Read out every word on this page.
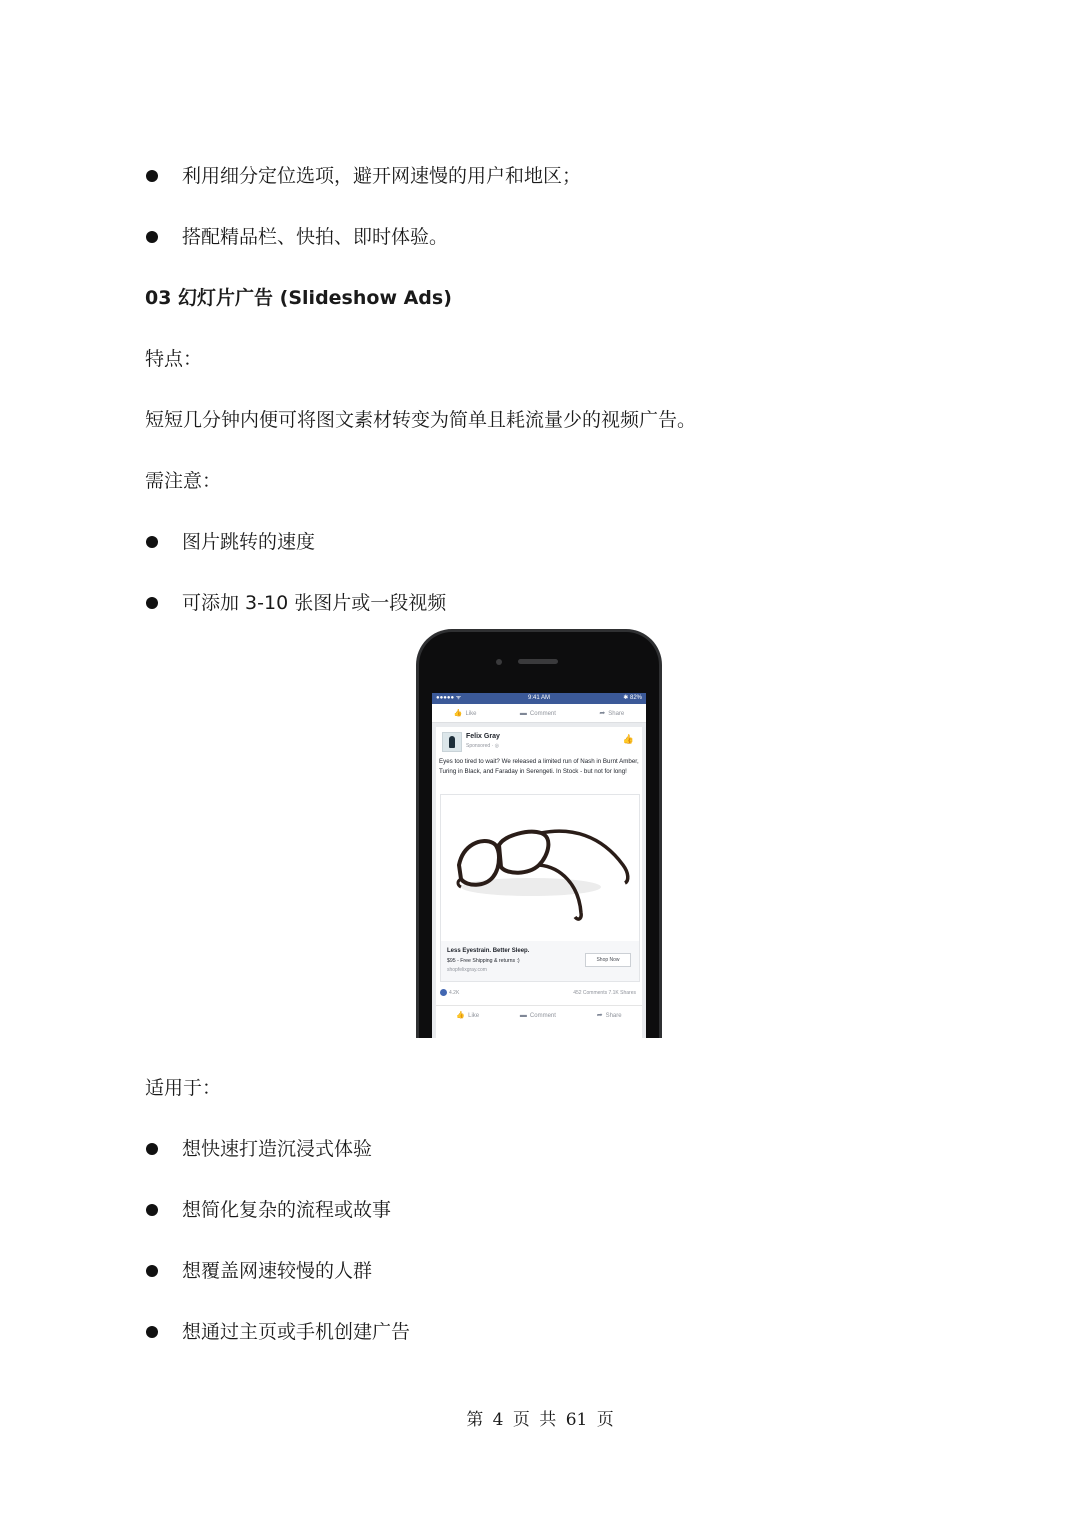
利用细分定位选项，避开网速慢的用户和地区；
搭配精品栏、快拍、即时体验。
03 幻灯片广告 (Slideshow Ads)
特点：
短短几分钟内便可将图文素材转变为简单且耗流量少的视频广告。
需注意：
图片跳转的速度
可添加 3-10 张图片或一段视频
●●●●● ᯤ	9:41 AM	✱ 82%
👍 Like	▬ Comment	➦ Share
Felix Gray
Sponsored · ◎
👍
Eyes too tired to wait? We released a limited run of Nash in Burnt Amber, Turing in Black, and Faraday in Serengeti. In Stock - but not for long!
Less Eyestrain. Better Sleep.
$95 - Free Shipping & returns :)
shopfelixgray.com
Shop Now
4.2K	452 Comments 7.1K Shares
👍 Like	▬ Comment	➦ Share
适用于：
想快速打造沉浸式体验
想简化复杂的流程或故事
想覆盖网速较慢的人群
想通过主页或手机创建广告
第 4 页 共 61 页
